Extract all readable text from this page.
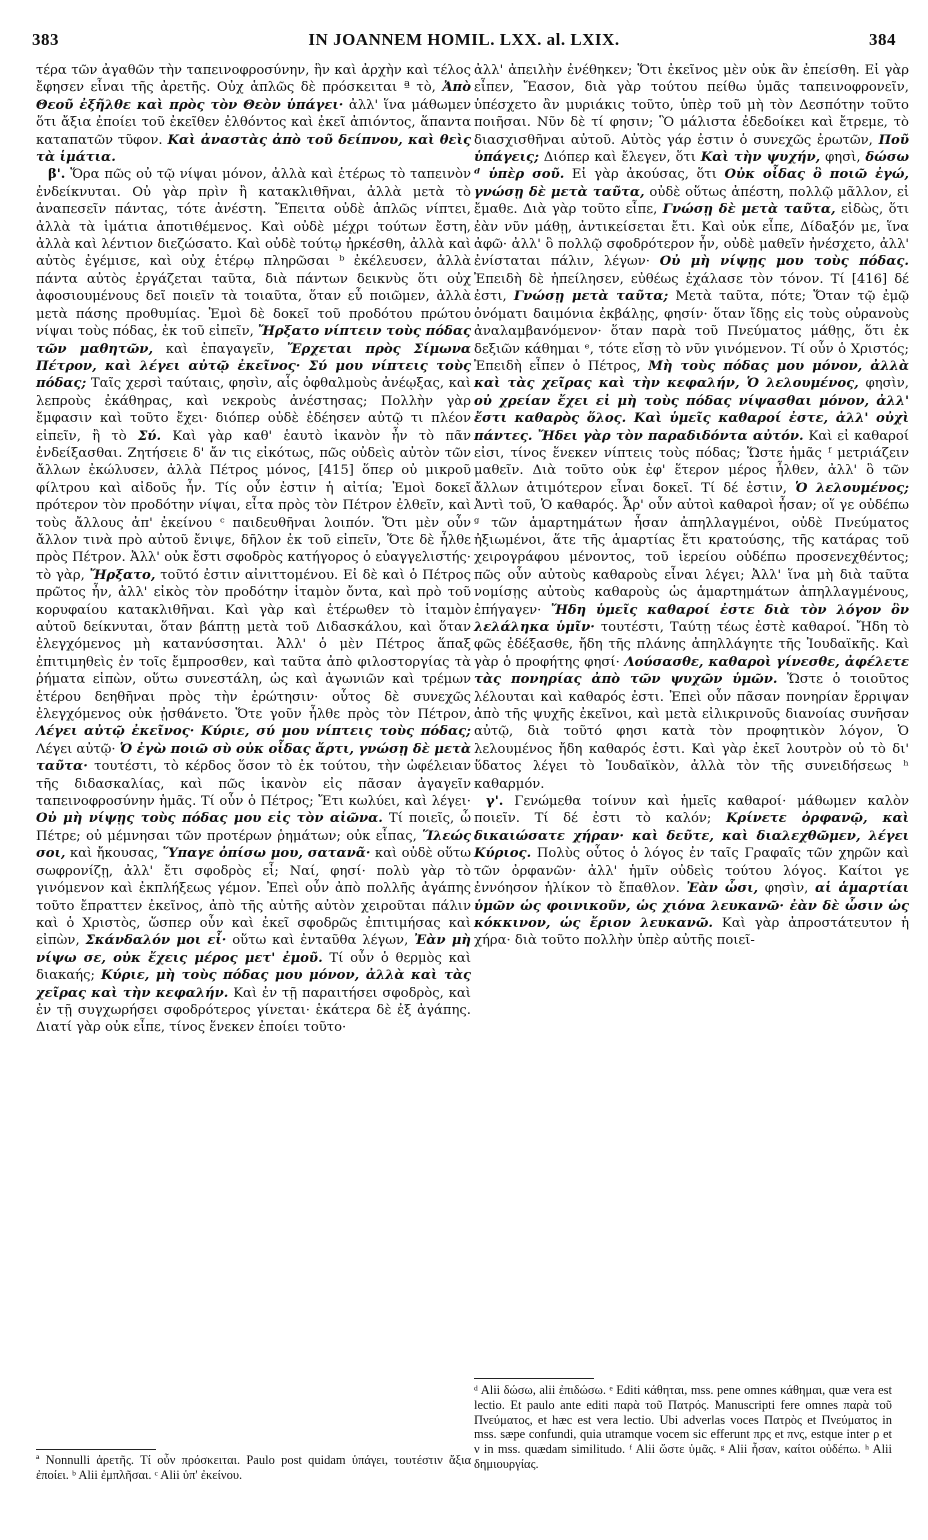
383	IN JOANNEM HOMIL. LXX. al. LXIX.	384

τέρα τῶν ἀγαθῶν τὴν ταπεινοφροσύνην, ἣν καὶ ἀρχὴν καὶ τέλος ἔφησεν εἶναι τῆς ἀρετῆς. Οὐχ ἁπλῶς δὲ πρόσκειται ª τὸ, Ἀπὸ Θεοῦ ἐξῆλθε καὶ πρὸς τὸν Θεὸν ὑπάγει· ἀλλ' ἵνα μάθωμεν ὅτι ἄξια ἐποίει τοῦ ἐκεῖθεν ἐλθόντος καὶ ἐκεῖ ἀπιόντος, ἅπαντα καταπατῶν τῦφον. Καὶ ἀναστὰς ἀπὸ τοῦ δείπνου, καὶ θεὶς τὰ ἱμάτια.

β'. Ὅρα πῶς οὐ τῷ νίψαι μόνον, ἀλλὰ καὶ ἑτέρως τὸ ταπεινὸν ἐνδείκνυται. Οὐ γὰρ πρὶν ἢ κατακλιθῆναι, ἀλλὰ μετὰ τὸ ἀναπεσεῖν πάντας, τότε ἀνέστη. Ἔπειτα οὐδὲ ἁπλῶς νίπτει, ἀλλὰ τὰ ἱμάτια ἀποτιθέμενος. Καὶ οὐδὲ μέχρι τούτων ἔστη, ἀλλὰ καὶ λέντιον διεζώσατο. Καὶ οὐδὲ τούτῳ ἠρκέσθη, ἀλλὰ καὶ αὐτὸς ἐγέμισε, καὶ οὐχ ἑτέρῳ πληρῶσαι ᵇ ἐκέλευσεν, ἀλλὰ πάντα αὐτὸς ἐργάζεται ταῦτα, διὰ πάντων δεικνὺς ὅτι οὐχ ἀφοσιουμένους δεῖ ποιεῖν τὰ τοιαῦτα, ὅταν εὖ ποιῶμεν, ἀλλὰ μετὰ πάσης προθυμίας. Ἐμοὶ δὲ δοκεῖ τοῦ προδότου πρώτου νίψαι τοὺς πόδας, ἐκ τοῦ εἰπεῖν, Ἤρξατο νίπτειν τοὺς πόδας τῶν μαθητῶν, καὶ ἐπαγαγεῖν, Ἔρχεται πρὸς Σίμωνα Πέτρον, καὶ λέγει αὐτῷ ἐκεῖνος· Σύ μου νίπτεις τοὺς πόδας; Ταῖς χερσὶ ταύταις, φησὶν, αἷς ὀφθαλμοὺς ἀνέῳξας, καὶ λεπροὺς ἐκάθηρας, καὶ νεκροὺς ἀνέστησας; Πολλὴν γὰρ ἔμφασιν καὶ τοῦτο ἔχει· διόπερ οὐδὲ ἐδέησεν αὐτῷ τι πλέον εἰπεῖν, ἢ τὸ Σύ. Καὶ γὰρ καθ' ἑαυτὸ ἱκανὸν ἦν τὸ πᾶν ἐνδείξασθαι. Ζητήσειε δ' ἄν τις εἰκότως, πῶς οὐδεὶς αὐτὸν τῶν ἄλλων ἐκώλυσεν, ἀλλὰ Πέτρος μόνος, [415] ὅπερ οὐ μικροῦ φίλτρου καὶ αἰδοῦς ἦν. Τίς οὖν ἐστιν ἡ αἰτία; Ἐμοὶ δοκεῖ πρότερον τὸν προδότην νίψαι, εἶτα πρὸς τὸν Πέτρον ἐλθεῖν, καὶ τοὺς ἄλλους ἀπ' ἐκείνου ᶜ παιδευθῆναι λοιπόν. Ὅτι μὲν οὖν ἄλλον τινὰ πρὸ αὐτοῦ ἔνιψε, δῆλον ἐκ τοῦ εἰπεῖν, Ὅτε δὲ ἦλθε πρὸς Πέτρον. Ἀλλ' οὐκ ἔστι σφοδρὸς κατήγορος ὁ εὐαγγελιστής· τὸ γὰρ, Ἤρξατο, τοῦτό ἐστιν αἰνιττομένου. Εἰ δὲ καὶ ὁ Πέτρος πρῶτος ἦν, ἀλλ' εἰκὸς τὸν προδότην ἱταμὸν ὄντα, καὶ πρὸ τοῦ κορυφαίου κατακλιθῆναι. Καὶ γὰρ καὶ ἑτέρωθεν τὸ ἱταμὸν αὐτοῦ δείκνυται, ὅταν βάπτῃ μετὰ τοῦ Διδασκάλου, καὶ ὅταν ἐλεγχόμενος μὴ κατανύσσηται. Ἀλλ' ὁ μὲν Πέτρος ἅπαξ ἐπιτιμηθεὶς ἐν τοῖς ἔμπροσθεν, καὶ ταῦτα ἀπὸ φιλοστοργίας τὰ ῥήματα εἰπὼν, οὕτω συνεστάλη, ὡς καὶ ἀγωνιῶν καὶ τρέμων ἑτέρου δεηθῆναι πρὸς τὴν ἐρώτησιν· οὗτος δὲ συνεχῶς ἐλεγχόμενος οὐκ ᾐσθάνετο. Ὅτε γοῦν ἦλθε πρὸς τὸν Πέτρον, Λέγει αὐτῷ ἐκεῖνος· Κύριε, σύ μου νίπτεις τοὺς πόδας; Λέγει αὐτῷ· Ὁ ἐγὼ ποιῶ σὺ οὐκ οἶδας ἄρτι, γνώσῃ δὲ μετὰ ταῦτα· τουτέστι, τὸ κέρδος ὅσον τὸ ἐκ τούτου, τὴν ὠφέλειαν τῆς διδασκαλίας, καὶ πῶς ἱκανὸν εἰς πᾶσαν ἀγαγεῖν ταπεινοφροσύνην ἡμᾶς. Τί οὖν ὁ Πέτρος; Ἔτι κωλύει, καὶ λέγει· Οὐ μὴ νίψῃς τοὺς πόδας μου εἰς τὸν αἰῶνα. Τί ποιεῖς, ὦ Πέτρε; οὐ μέμνησαι τῶν προτέρων ῥημάτων; οὐκ εἶπας, Ἵλεώς σοι, καὶ ἤκουσας, Ὕπαγε ὀπίσω μου, σατανᾶ· καὶ οὐδὲ οὕτω σωφρονίζῃ, ἀλλ' ἔτι σφοδρὸς εἶ; Ναί, φησί· πολὺ γὰρ τὸ γινόμενον καὶ ἐκπλήξεως γέμον. Ἐπεὶ οὖν ἀπὸ πολλῆς ἀγάπης τοῦτο ἔπραττεν ἐκεῖνος, ἀπὸ τῆς αὐτῆς αὐτὸν χειροῦται πάλιν καὶ ὁ Χριστὸς, ὥσπερ οὖν καὶ ἐκεῖ σφοδρῶς ἐπιτιμήσας καὶ εἰπὼν, Σκάνδαλόν μοι εἶ· οὕτω καὶ ἐνταῦθα λέγων, Ἐὰν μὴ νίψω σε, οὐκ ἔχεις μέρος μετ' ἐμοῦ. Τί οὖν ὁ θερμὸς καὶ διακαής; Κύριε, μὴ τοὺς πόδας μου μόνον, ἀλλὰ καὶ τὰς χεῖρας καὶ τὴν κεφαλήν. Καὶ ἐν τῇ παραιτήσει σφοδρὸς, καὶ ἐν τῇ συγχωρήσει σφοδρότερος γίνεται· ἑκάτερα δὲ ἐξ ἀγάπης. Διατί γὰρ οὐκ εἶπε, τίνος ἕνεκεν ἐποίει τοῦτο·

ἀλλ' ἀπειλὴν ἐνέθηκεν; Ὅτι ἐκεῖνος μὲν οὐκ ἂν ἐπείσθη. Εἰ γὰρ εἶπεν, Ἔασον, διὰ γὰρ τούτου πείθω ὑμᾶς ταπεινοφρονεῖν, ὑπέσχετο ἂν μυριάκις τοῦτο, ὑπὲρ τοῦ μὴ τὸν Δεσπότην τοῦτο ποιῆσαι. Νῦν δὲ τί φησιν; Ὃ μάλιστα ἐδεδοίκει καὶ ἔτρεμε, τὸ διασχισθῆναι αὐτοῦ. Αὐτὸς γάρ ἐστιν ὁ συνεχῶς ἐρωτῶν, Ποῦ ὑπάγεις; Διόπερ καὶ ἔλεγεν, ὅτι Καὶ τὴν ψυχήν, φησὶ, δώσω ᵈ ὑπὲρ σοῦ. Εἰ γὰρ ἀκούσας, ὅτι Οὐκ οἶδας ὃ ποιῶ ἐγώ, γνώσῃ δὲ μετὰ ταῦτα, οὐδὲ οὕτως ἀπέστη, πολλῷ μᾶλλον, εἰ ἔμαθε. Διὰ γὰρ τοῦτο εἶπε, Γνώσῃ δὲ μετὰ ταῦτα, εἰδὼς, ὅτι ἐὰν νῦν μάθῃ, ἀντικείσεται ἔτι. Καὶ οὐκ εἶπε, Δίδαξόν με, ἵνα ἀφῶ· ἀλλ' ὃ πολλῷ σφοδρότερον ἦν, οὐδὲ μαθεῖν ἠνέσχετο, ἀλλ' ἐνίσταται πάλιν, λέγων· Οὐ μὴ νίψῃς μου τοὺς πόδας. Ἐπειδὴ δὲ ἠπείλησεν, εὐθέως ἐχάλασε τὸν τόνον. Τί [416] δέ ἐστι, Γνώσῃ μετὰ ταῦτα; Μετὰ ταῦτα, πότε; Ὅταν τῷ ἐμῷ ὀνόματι δαιμόνια ἐκβάλῃς, φησίν· ὅταν ἴδῃς εἰς τοὺς οὐρανοὺς ἀναλαμβανόμενον· ὅταν παρὰ τοῦ Πνεύματος μάθῃς, ὅτι ἐκ δεξιῶν κάθημαι ᵉ, τότε εἴσῃ τὸ νῦν γινόμενον. Τί οὖν ὁ Χριστός; Ἐπειδὴ εἶπεν ὁ Πέτρος, Μὴ τοὺς πόδας μου μόνον, ἀλλὰ καὶ τὰς χεῖρας καὶ τὴν κεφαλήν, Ὁ λελουμένος, φησὶν, οὐ χρείαν ἔχει εἰ μὴ τοὺς πόδας νίψασθαι μόνον, ἀλλ' ἔστι καθαρὸς ὅλος. Καὶ ὑμεῖς καθαροί ἐστε, ἀλλ' οὐχὶ πάντες. Ἤδει γὰρ τὸν παραδιδόντα αὐτόν. Καὶ εἰ καθαροί εἰσι, τίνος ἕνεκεν νίπτεις τοὺς πόδας; Ὥστε ἡμᾶς ᶠ μετριάζειν μαθεῖν. Διὰ τοῦτο οὐκ ἐφ' ἕτερον μέρος ἦλθεν, ἀλλ' ὃ τῶν ἄλλων ἀτιμότερον εἶναι δοκεῖ. Τί δέ ἐστιν, Ὁ λελουμένος; Ἀντὶ τοῦ, Ὁ καθαρός. Ἆρ' οὖν αὐτοὶ καθαροὶ ἦσαν; οἵ γε οὐδέπω ᵍ τῶν ἁμαρτημάτων ἦσαν ἀπηλλαγμένοι, οὐδὲ Πνεύματος ἠξιωμένοι, ἅτε τῆς ἁμαρτίας ἔτι κρατούσης, τῆς κατάρας τοῦ χειρογράφου μένοντος, τοῦ ἱερείου οὐδέπω προσενεχθέντος; πῶς οὖν αὐτοὺς καθαροὺς εἶναι λέγει; Ἀλλ' ἵνα μὴ διὰ ταῦτα νομίσῃς αὐτοὺς καθαροὺς ὡς ἁμαρτημάτων ἀπηλλαγμένους, ἐπήγαγεν· Ἤδη ὑμεῖς καθαροί ἐστε διὰ τὸν λόγον ὃν λελάληκα ὑμῖν· τουτέστι, Ταύτῃ τέως ἐστὲ καθαροί. Ἤδη τὸ φῶς ἐδέξασθε, ἤδη τῆς πλάνης ἀπηλλάγητε τῆς Ἰουδαϊκῆς. Καὶ γὰρ ὁ προφήτης φησί· Λούσασθε, καθαροὶ γίνεσθε, ἀφέλετε τὰς πονηρίας ἀπὸ τῶν ψυχῶν ὑμῶν. Ὥστε ὁ τοιοῦτος λέλουται καὶ καθαρός ἐστι. Ἐπεὶ οὖν πᾶσαν πονηρίαν ἔρριψαν ἀπὸ τῆς ψυχῆς ἐκεῖνοι, καὶ μετὰ εἰλικρινοῦς διανοίας συνῆσαν αὐτῷ, διὰ τοῦτό φησι κατὰ τὸν προφητικὸν λόγον, Ὁ λελουμένος ἤδη καθαρός ἐστι. Καὶ γὰρ ἐκεῖ λουτρὸν οὐ τὸ δι' ὕδατος λέγει τὸ Ἰουδαϊκὸν, ἀλλὰ τὸν τῆς συνειδήσεως ʰ καθαρμόν.

γ'. Γενώμεθα τοίνυν καὶ ἡμεῖς καθαροί· μάθωμεν καλὸν ποιεῖν. Τί δέ ἐστι τὸ καλόν; Κρίνετε ὀρφανῷ, καὶ δικαιώσατε χήραν· καὶ δεῦτε, καὶ διαλεχθῶμεν, λέγει Κύριος. Πολὺς οὗτος ὁ λόγος ἐν ταῖς Γραφαῖς τῶν χηρῶν καὶ τῶν ὀρφανῶν· ἀλλ' ἡμῖν οὐδεὶς τούτου λόγος. Καίτοι γε ἐννόησον ἡλίκον τὸ ἔπαθλον. Ἐὰν ὦσι, φησὶν, αἱ ἁμαρτίαι ὑμῶν ὡς φοινικοῦν, ὡς χιόνα λευκανῶ· ἐὰν δὲ ὦσιν ὡς κόκκινον, ὡς ἔριον λευκανῶ. Καὶ γὰρ ἀπροστάτευτον ἡ χήρα· διὰ τοῦτο πολλὴν ὑπὲρ αὐτῆς ποιεῖ-

ª Nonnulli ἀρετῆς. Τί οὖν πρόσκειται. Paulo post quidam ὑπάγει, τουτέστιν ἄξια ἐποίει. ᵇ Alii ἐμπλῆσαι. ᶜ Alii ὑπ' ἐκείνου.
ᵈ Alii δώσω, alii ἐπιδώσω. ᵉ Editi κάθηται, mss. pene omnes κάθημαι, quæ vera est lectio. Et paulo ante editi παρὰ τοῦ Πατρός. Manuscripti fere omnes παρὰ τοῦ Πνεύματος, et hæc est vera lectio. Ubi adverlas voces Πατρὸς et Πνεύματος in mss. sæpe confundi, quia utramque vocem sic efferunt πρς et πνς, estque inter ρ et ν in mss. quædam similitudo. ᶠ Alii ὥστε ὑμᾶς. ᵍ Alii ἦσαν, καίτοι οὐδέπω. ʰ Alii δημιουργίας.
